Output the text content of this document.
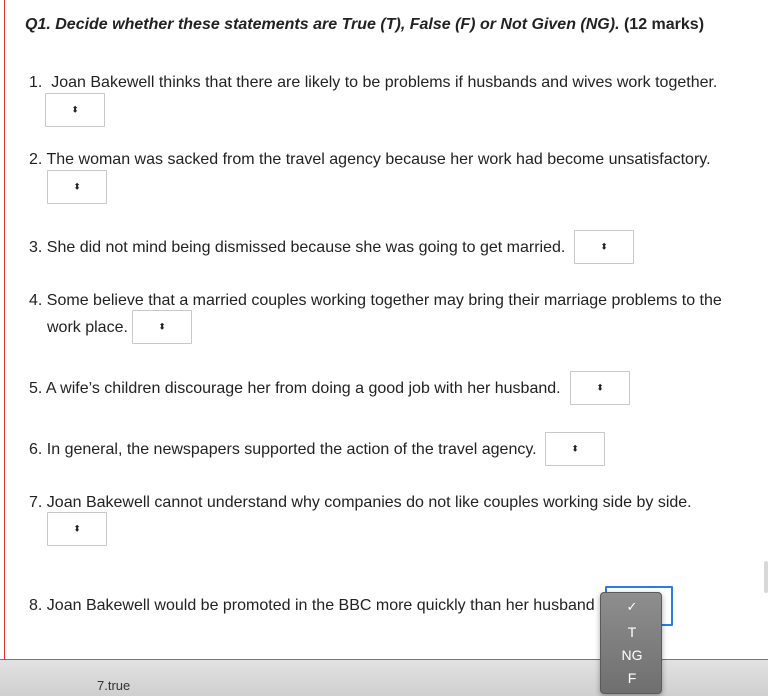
Q1. Decide whether these statements are True (T), False (F) or Not Given (NG). (12 marks)
1. Joan Bakewell thinks that there are likely to be problems if husbands and wives work together.
⬍
2. The woman was sacked from the travel agency because her work had become unsatisfactory.
⬍
3. She did not mind being dismissed because she was going to get married.	⬍
4. Some believe that a married couples working together may bring their marriage problems to the
work place.	⬍
5. A wife’s children discourage her from doing a good job with her husband.	⬍
6. In general, the newspapers supported the action of the travel agency.	⬍
7. Joan Bakewell cannot understand why companies do not like couples working side by side.
⬍
8. Joan Bakewell would be promoted in the BBC more quickly than her husband
7.true
✓
T
NG
F
